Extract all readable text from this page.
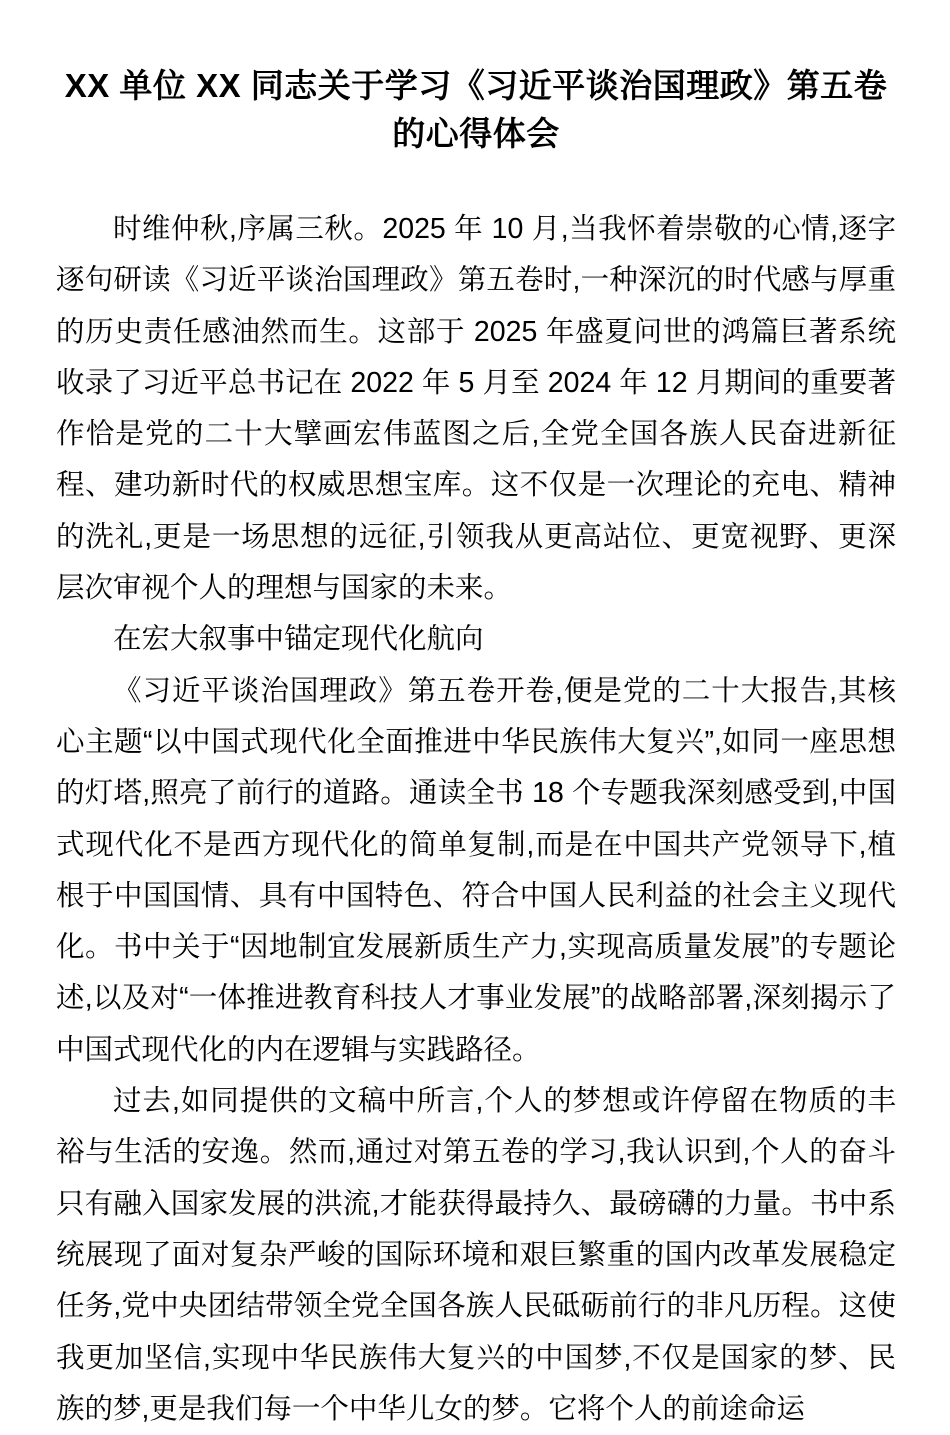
XX 单位 XX 同志关于学习《习近平谈治国理政》第五卷的心得体会

时维仲秋,序属三秋。2025 年 10 月,当我怀着崇敬的心情,逐字逐句研读《习近平谈治国理政》第五卷时,一种深沉的时代感与厚重的历史责任感油然而生。这部于 2025 年盛夏问世的鸿篇巨著系统收录了习近平总书记在 2022 年 5 月至 2024 年 12 月期间的重要著作恰是党的二十大擘画宏伟蓝图之后,全党全国各族人民奋进新征程、建功新时代的权威思想宝库。这不仅是一次理论的充电、精神的洗礼,更是一场思想的远征,引领我从更高站位、更宽视野、更深层次审视个人的理想与国家的未来。

在宏大叙事中锚定现代化航向

《习近平谈治国理政》第五卷开卷,便是党的二十大报告,其核心主题“以中国式现代化全面推进中华民族伟大复兴”,如同一座思想的灯塔,照亮了前行的道路。通读全书 18 个专题我深刻感受到,中国式现代化不是西方现代化的简单复制,而是在中国共产党领导下,植根于中国国情、具有中国特色、符合中国人民利益的社会主义现代化。书中关于“因地制宜发展新质生产力,实现高质量发展”的专题论述,以及对“一体推进教育科技人才事业发展”的战略部署,深刻揭示了中国式现代化的内在逻辑与实践路径。

过去,如同提供的文稿中所言,个人的梦想或许停留在物质的丰裕与生活的安逸。然而,通过对第五卷的学习,我认识到,个人的奋斗只有融入国家发展的洪流,才能获得最持久、最磅礴的力量。书中系统展现了面对复杂严峻的国际环境和艰巨繁重的国内改革发展稳定任务,党中央团结带领全党全国各族人民砥砺前行的非凡历程。这使我更加坚信,实现中华民族伟大复兴的中国梦,不仅是国家的梦、民族的梦,更是我们每一个中华儿女的梦。它将个人的前途命运
